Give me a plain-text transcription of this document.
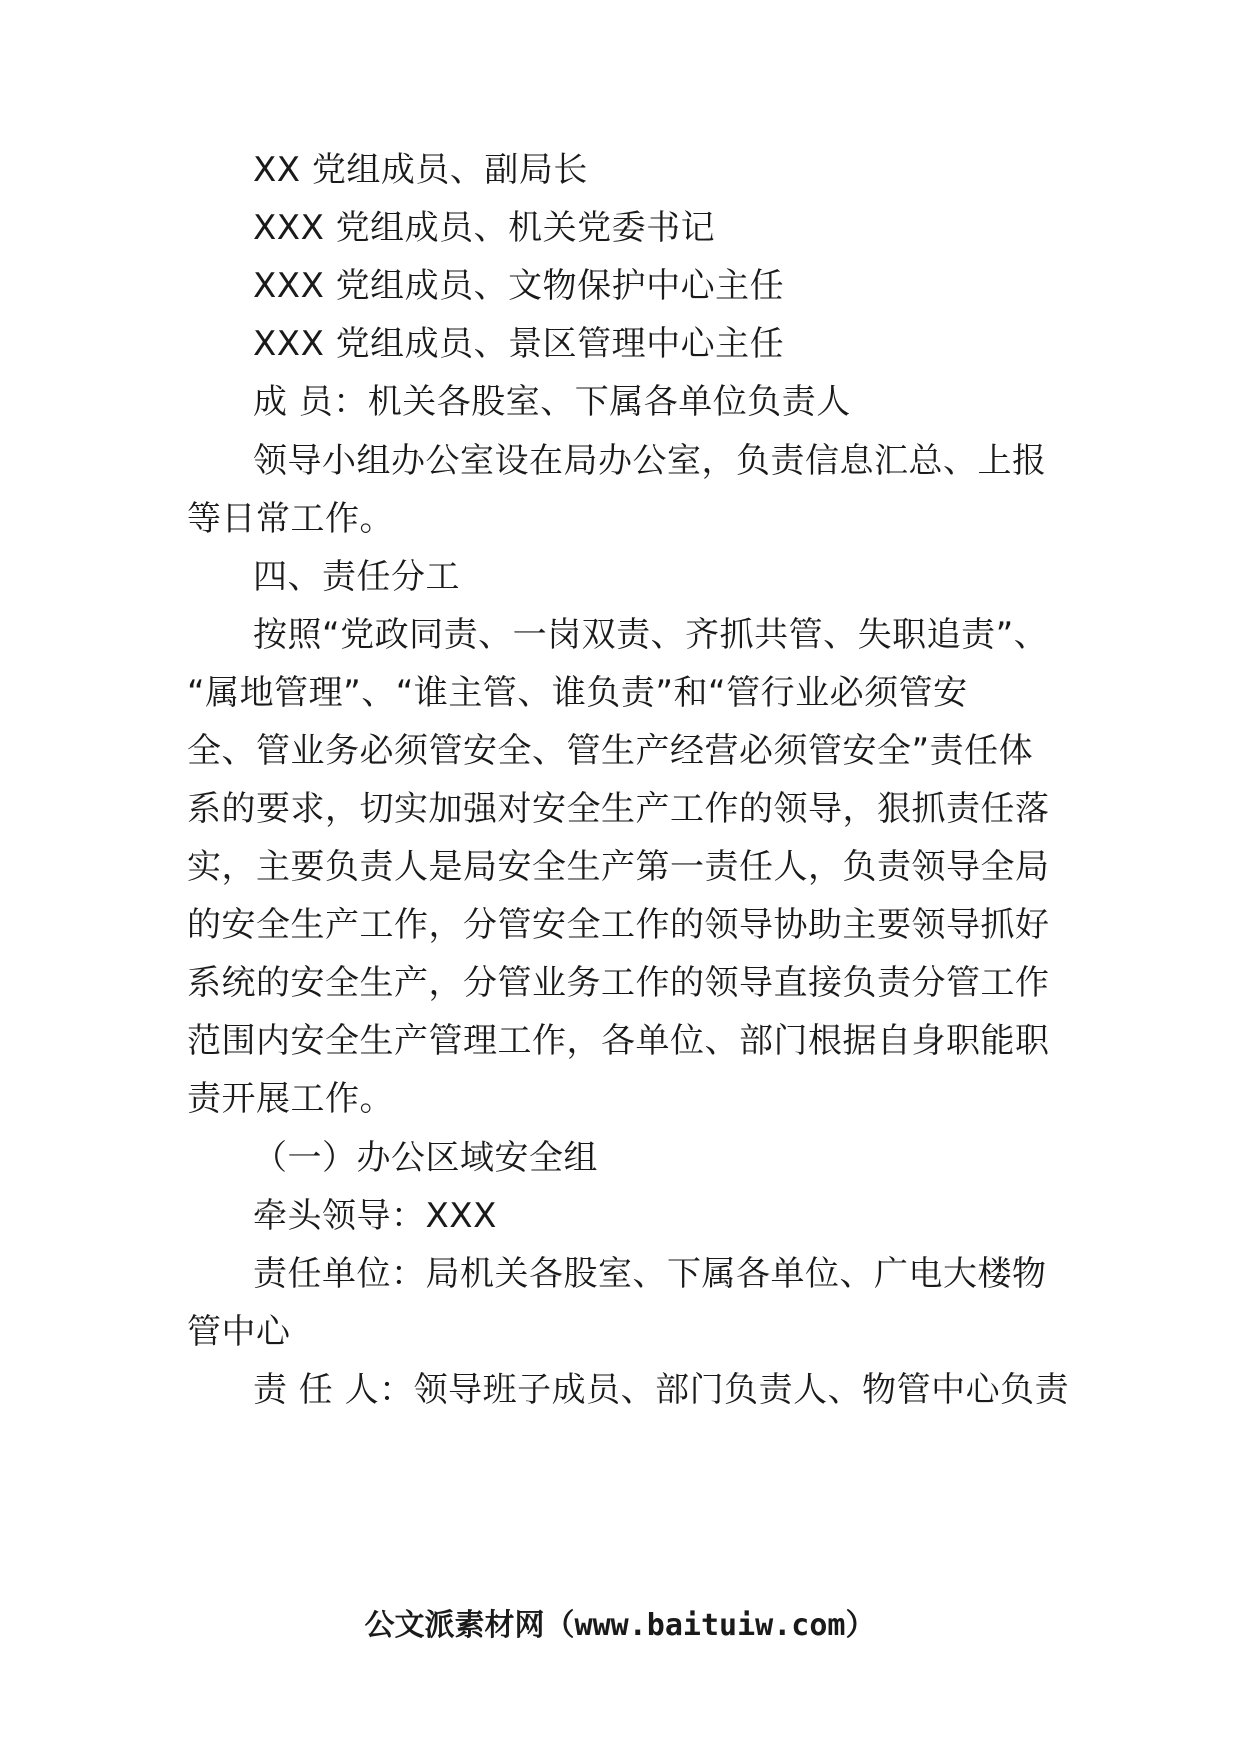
XX 党组成员、副局长
XXX 党组成员、机关党委书记
XXX 党组成员、文物保护中心主任
XXX 党组成员、景区管理中心主任
成 员：机关各股室、下属各单位负责人
领导小组办公室设在局办公室，负责信息汇总、上报
等日常工作。
四、责任分工
按照“党政同责、一岗双责、齐抓共管、失职追责”、
“属地管理”、“谁主管、谁负责”和“管行业必须管安
全、管业务必须管安全、管生产经营必须管安全”责任体
系的要求，切实加强对安全生产工作的领导，狠抓责任落
实，主要负责人是局安全生产第一责任人，负责领导全局
的安全生产工作，分管安全工作的领导协助主要领导抓好
系统的安全生产，分管业务工作的领导直接负责分管工作
范围内安全生产管理工作，各单位、部门根据自身职能职
责开展工作。
（一）办公区域安全组
牵头领导：XXX
责任单位：局机关各股室、下属各单位、广电大楼物
管中心
责 任 人：领导班子成员、部门负责人、物管中心负责
公文派素材网（www.baituiw.com）
